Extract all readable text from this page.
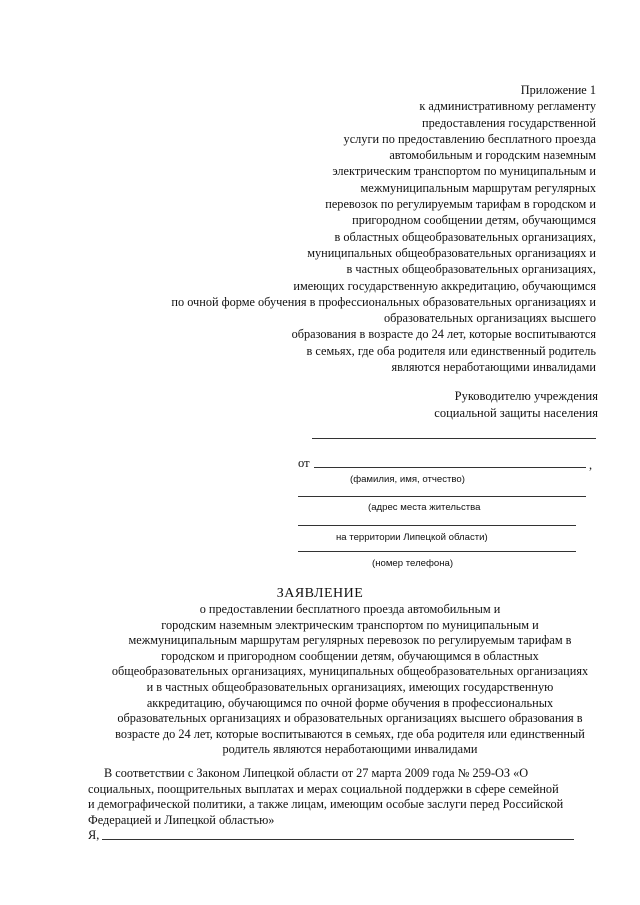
Приложение 1
к административному регламенту
предоставления государственной
услуги по предоставлению бесплатного проезда
автомобильным и городским наземным
электрическим транспортом по муниципальным и
межмуниципальным маршрутам регулярных
перевозок по регулируемым тарифам в городском и
пригородном сообщении детям, обучающимся
в областных общеобразовательных организациях,
муниципальных общеобразовательных организациях и
в частных общеобразовательных организациях,
имеющих государственную аккредитацию, обучающимся
по очной форме обучения в профессиональных образовательных организациях и
образовательных организациях высшего
образования в возрасте до 24 лет, которые воспитываются
в семьях, где оба родителя или единственный родитель
являются неработающими инвалидами
Руководителю учреждения
социальной защиты населения
от	,
(фамилия, имя, отчество)
(адрес места жительства
на территории Липецкой области)
(номер телефона)
ЗАЯВЛЕНИЕ
о предоставлении бесплатного проезда автомобильным и
городским наземным электрическим транспортом по муниципальным и
межмуниципальным маршрутам регулярных перевозок по регулируемым тарифам в
городском и пригородном сообщении детям, обучающимся в областных
общеобразовательных организациях, муниципальных общеобразовательных организациях
и в частных общеобразовательных организациях, имеющих государственную
аккредитацию, обучающимся по очной форме обучения в профессиональных
образовательных организациях и образовательных организациях высшего образования в
возрасте до 24 лет, которые воспитываются в семьях, где оба родителя или единственный
родитель являются неработающими инвалидами
В соответствии с Законом Липецкой области от 27 марта 2009 года № 259-ОЗ «О
социальных, поощрительных выплатах и мерах социальной поддержки в сфере семейной
и демографической политики, а также лицам, имеющим особые заслуги перед Российской
Федерацией и Липецкой областью»
Я,
